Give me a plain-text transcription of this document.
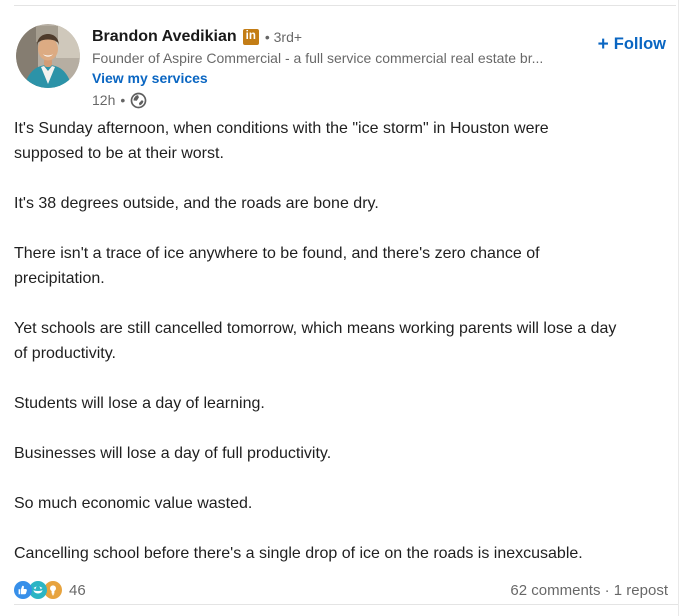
Brandon Avedikian in • 3rd+
Founder of Aspire Commercial - a full service commercial real estate br...
View my services
12h •
+ Follow

It's Sunday afternoon, when conditions with the "ice storm" in Houston were supposed to be at their worst.

It's 38 degrees outside, and the roads are bone dry.

There isn't a trace of ice anywhere to be found, and there's zero chance of precipitation.

Yet schools are still cancelled tomorrow, which means working parents will lose a day of productivity.

Students will lose a day of learning.

Businesses will lose a day of full productivity.

So much economic value wasted.

Cancelling school before there's a single drop of ice on the roads is inexcusable.

46	62 comments · 1 repost
